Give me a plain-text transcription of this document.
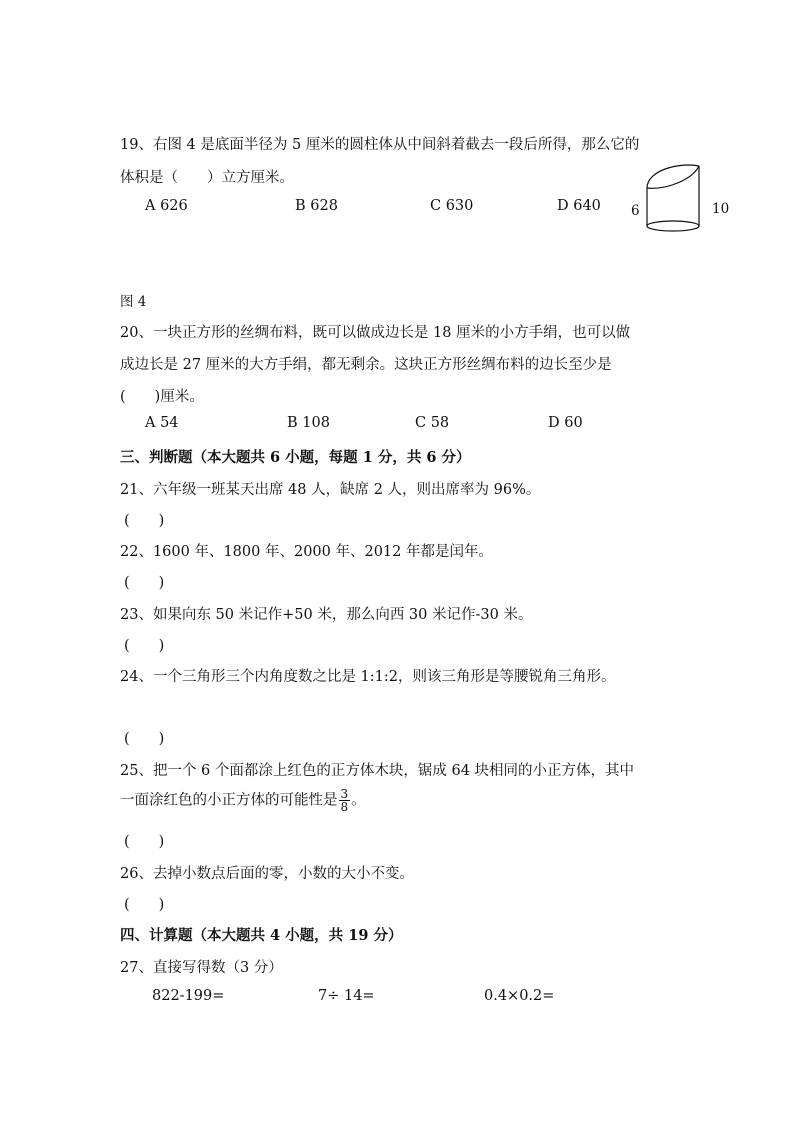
19、右图 4 是底面半径为 5 厘米的圆柱体从中间斜着截去一段后所得，那么它的
体积是（　　）立方厘米。
A 626	B 628	C 630	D 640 6	10
图 4
20、一块正方形的丝绸布料，既可以做成边长是 18 厘米的小方手绢，也可以做
成边长是 27 厘米的大方手绢，都无剩余。这块正方形丝绸布料的边长至少是
(　　)厘米。
A 54	B 108	C 58	D 60
三、判断题（本大题共 6 小题，每题 1 分，共 6 分）
21、六年级一班某天出席 48 人，缺席 2 人，则出席率为 96%。
(　　)
22、1600 年、1800 年、2000 年、2012 年都是闰年。
(　　)
23、如果向东 50 米记作+50 米，那么向西 30 米记作-30 米。
(　　)
24、一个三角形三个内角度数之比是 1:1:2，则该三角形是等腰锐角三角形。
(　　)
25、把一个 6 个面都涂上红色的正方体木块，锯成 64 块相同的小正方体，其中
一面涂红色的小正方体的可能性是 $\frac{3}{8}$ 。
(　　)
26、去掉小数点后面的零，小数的大小不变。
(　　)
四、计算题（本大题共 4 小题，共 19 分）
27、直接写得数（3 分）
822-199=	7÷ 14=	0.4×0.2=
